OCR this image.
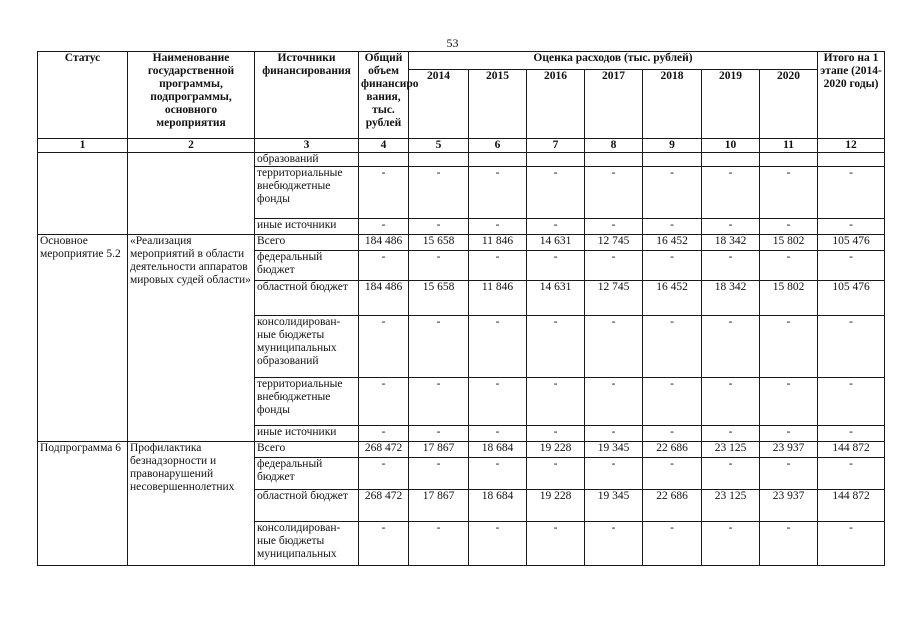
53
Статус	Наименование государственной программы, подпрограммы, основного мероприятия	Источники финансирования	Общий объем финансиро вания, тыс. рублей	Оценка расходов (тыс. рублей)							Итого на 1 этапе (2014-2020 годы)
				2014	2015	2016	2017	2018	2019	2020	
1	2	3	4	5	6	7	8	9	10	11	12
		образований									
		территориальные внебюджетные фонды	-	-	-	-	-	-	-	-	-
		иные источники	-	-	-	-	-	-	-	-	-
Основное мероприятие 5.2	«Реализация мероприятий в области деятельности аппаратов мировых судей области»	Всего	184 486	15 658	11 846	14 631	12 745	16 452	18 342	15 802	105 476
		федеральный бюджет	-	-	-	-	-	-	-	-	-
		областной бюджет	184 486	15 658	11 846	14 631	12 745	16 452	18 342	15 802	105 476
		консолидирован-ные бюджеты муниципальных образований	-	-	-	-	-	-	-	-	-
		территориальные внебюджетные фонды	-	-	-	-	-	-	-	-	-
		иные источники	-	-	-	-	-	-	-	-	-
Подпрограмма 6	Профилактика безнадзорности и правонарушений несовершеннолетних	Всего	268 472	17 867	18 684	19 228	19 345	22 686	23 125	23 937	144 872
		федеральный бюджет	-	-	-	-	-	-	-	-	-
		областной бюджет	268 472	17 867	18 684	19 228	19 345	22 686	23 125	23 937	144 872
		консолидирован-ные бюджеты муниципальных	-	-	-	-	-	-	-	-	-
